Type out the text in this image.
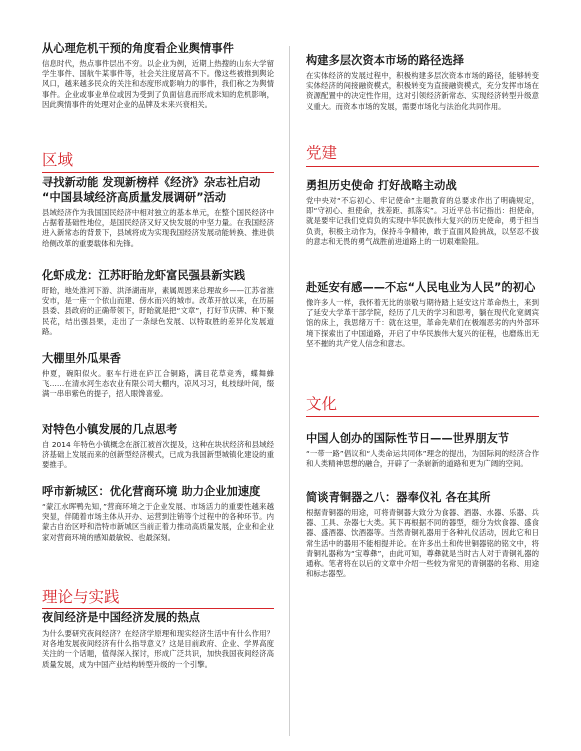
从心理危机干预的角度看企业舆情事件

信息时代，热点事件层出不穷。以企业为例，近期上热搜的山东大学留学生事件、国航牛某事件等，社会关注度居高不下。像这些被推到舆论风口，越来越多民众的关注和态度形成影响力的事件，我们称之为舆情事件。企业或事业单位或因为受到了负面信息而形成未知的危机影响，因此舆情事件的处理对企业的品牌及未来兴衰相关。

区域
寻找新动能 发现新榜样《经济》杂志社启动 “中国县域经济高质量发展调研”活动

县域经济作为我国国民经济中相对独立的基本单元，在整个国民经济中占据着基础性地位，是国民经济又好又快发展的中坚力量。在我国经济进入新常态的背景下，县域将成为实现我国经济发展动能转换、推进供给侧改革的重要载体和先锋。

化虾成龙：江苏盱眙龙虾富民强县新实践

盱眙，地处淮河下游、洪泽湖南岸，素属周恩来总理故乡——江苏省淮安市，是一座一个依山而建、傍水而兴的城市。改革开放以来，在历届县委、县政府的正确带领下，盱眙就是把“文章”，打好节庆牌、种下聚民花，结出强县果，走出了一条绿色发展、以特取胜的差异化发展道路。

大棚里外瓜果香

仲夏，碗阳似火。驱车行进在庐江合铜路，满目花草竞秀，蝶舞蜂飞……在清水河生态农业有限公司大棚内，凉风习习，虬枝绿叶间，缀满一串串紫色的提子，招人眼馋喜爱。

对特色小镇发展的几点思考

自 2014 年特色小镇概念在浙江被首次提及，这种在块状经济和县域经济基础上发展而来的创新型经济模式，已成为我国新型城镇化建设的重要推手。

呼市新城区：优化营商环境 助力企业加速度

“蒙江水晖鸭先知，”营商环境之于企业发展、市场活力的重要性越来越突显，伴随着市场主体从开办、运营到注销等个过程中的各种环节。内蒙古自治区呼和浩特市新城区当前正着力推动高质量发展，企业和企业家对营商环境的感知最敏锐、也最深刻。

理论与实践
夜间经济是中国经济发展的热点

为什么要研究夜间经济？在经济学原理和现实经济生活中有什么作用？对各地发展夜间经济有什么指导意义？这是目前政府、企业、学界高度关注的一个话题，值得深入探讨，形成广泛共识，加快我国夜间经济高质量发展，成为中国产业结构转型升级的一个引擎。

构建多层次资本市场的路径选择

在实体经济的发展过程中，积极构建多层次资本市场的路径，能够转变实体经济的间接融资模式，积极转变为直接融资模式，充分发挥市场在资源配置中的决定性作用，这对引领经济新常态、实现经济转型升级意义重大。而资本市场的发展，需要市场化与法治化共同作用。

党建
勇担历史使命 打好战略主动战

党中央对“不忘初心、牢记使命”主题教育的总要求作出了明确规定，即“守初心、担使命，找差距、抓落实”。习近平总书记指出：担使命，就是要牢记我们党肩负的实现中华民族伟大复兴的历史使命，勇于担当负责，积极主动作为，保持斗争精神，敢于直面风险挑战，以坚忍不拔的意志和无畏的勇气战胜前进道路上的一切艰难险阻。

赴延安有感——不忘“人民电业为人民”的初心

像许多人一样，我怀着无比的崇敬与期待踏上延安这片革命热土，来到了延安大学革干部学院，经历了几天的学习和思考，躺在现代化宽阔宾馆的床上，我思绪万千：就在这里，革命先辈们在极端恶劣的内外部环境下探索出了中国道路，开启了中华民族伟大复兴的征程，也磨炼出无坚不摧的共产党人信念和意志。

文化
中国人创办的国际性节日——世界朋友节

“一带一路”倡议和“人类命运共同体”理念的提出，为国际间的经济合作和人类精神思想的融合，开辟了一条崭新的道路和更为广阔的空间。

简谈青铜器之八：器奉仪礼 各在其所

根据青铜器的用途，可将青铜器大致分为食器、酒器、水器、乐器、兵器、工具、杂器七大类。其下再根据不同的器型，细分为炊食器、盛食器、盛酒器、饮酒器等。当然青铜礼器用于各种礼仪活动，因此它和日常生活中的器用不能相提并论。在许多出土和传世铜器铭的铭文中，将青铜礼器称为“宝尊彝”，由此可知，尊彝就是当时古人对于青铜礼器的通称。笔者将在以后的文章中介绍一些较为常见的青铜器的名称、用途和标志器型。
